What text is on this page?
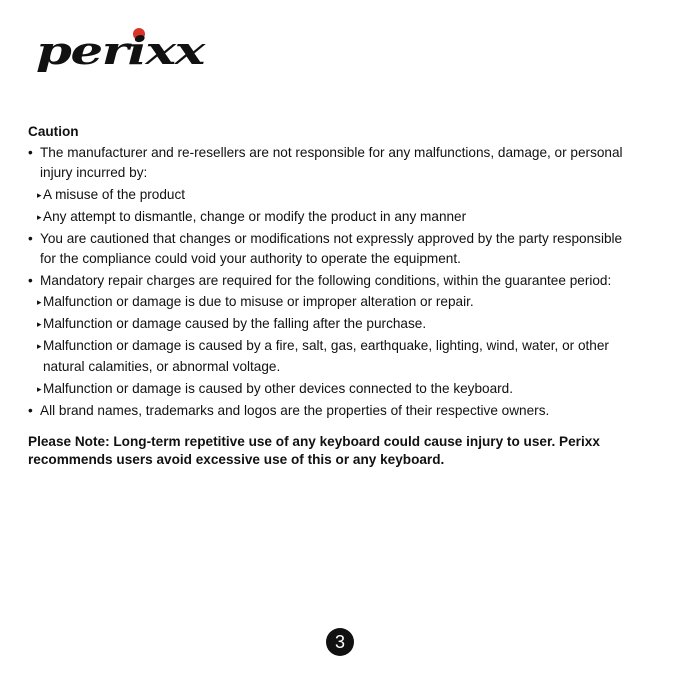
perixx
Caution
• The manufacturer and re-resellers are not responsible for any malfunctions, damage, or personal injury incurred by:
▸ A misuse of the product
▸ Any attempt to dismantle, change or modify the product in any manner
• You are cautioned that changes or modifications not expressly approved by the party responsible for the compliance could void your authority to operate the equipment.
• Mandatory repair charges are required for the following conditions, within the guarantee period:
▸ Malfunction or damage is due to misuse or improper alteration or repair.
▸ Malfunction or damage caused by the falling after the purchase.
▸ Malfunction or damage is caused by a fire, salt, gas, earthquake, lighting, wind, water, or other natural calamities, or abnormal voltage.
▸ Malfunction or damage is caused by other devices connected to the keyboard.
• All brand names, trademarks and logos are the properties of their respective owners.
Please Note: Long-term repetitive use of any keyboard could cause injury to user. Perixx recommends users avoid excessive use of this or any keyboard.
3
